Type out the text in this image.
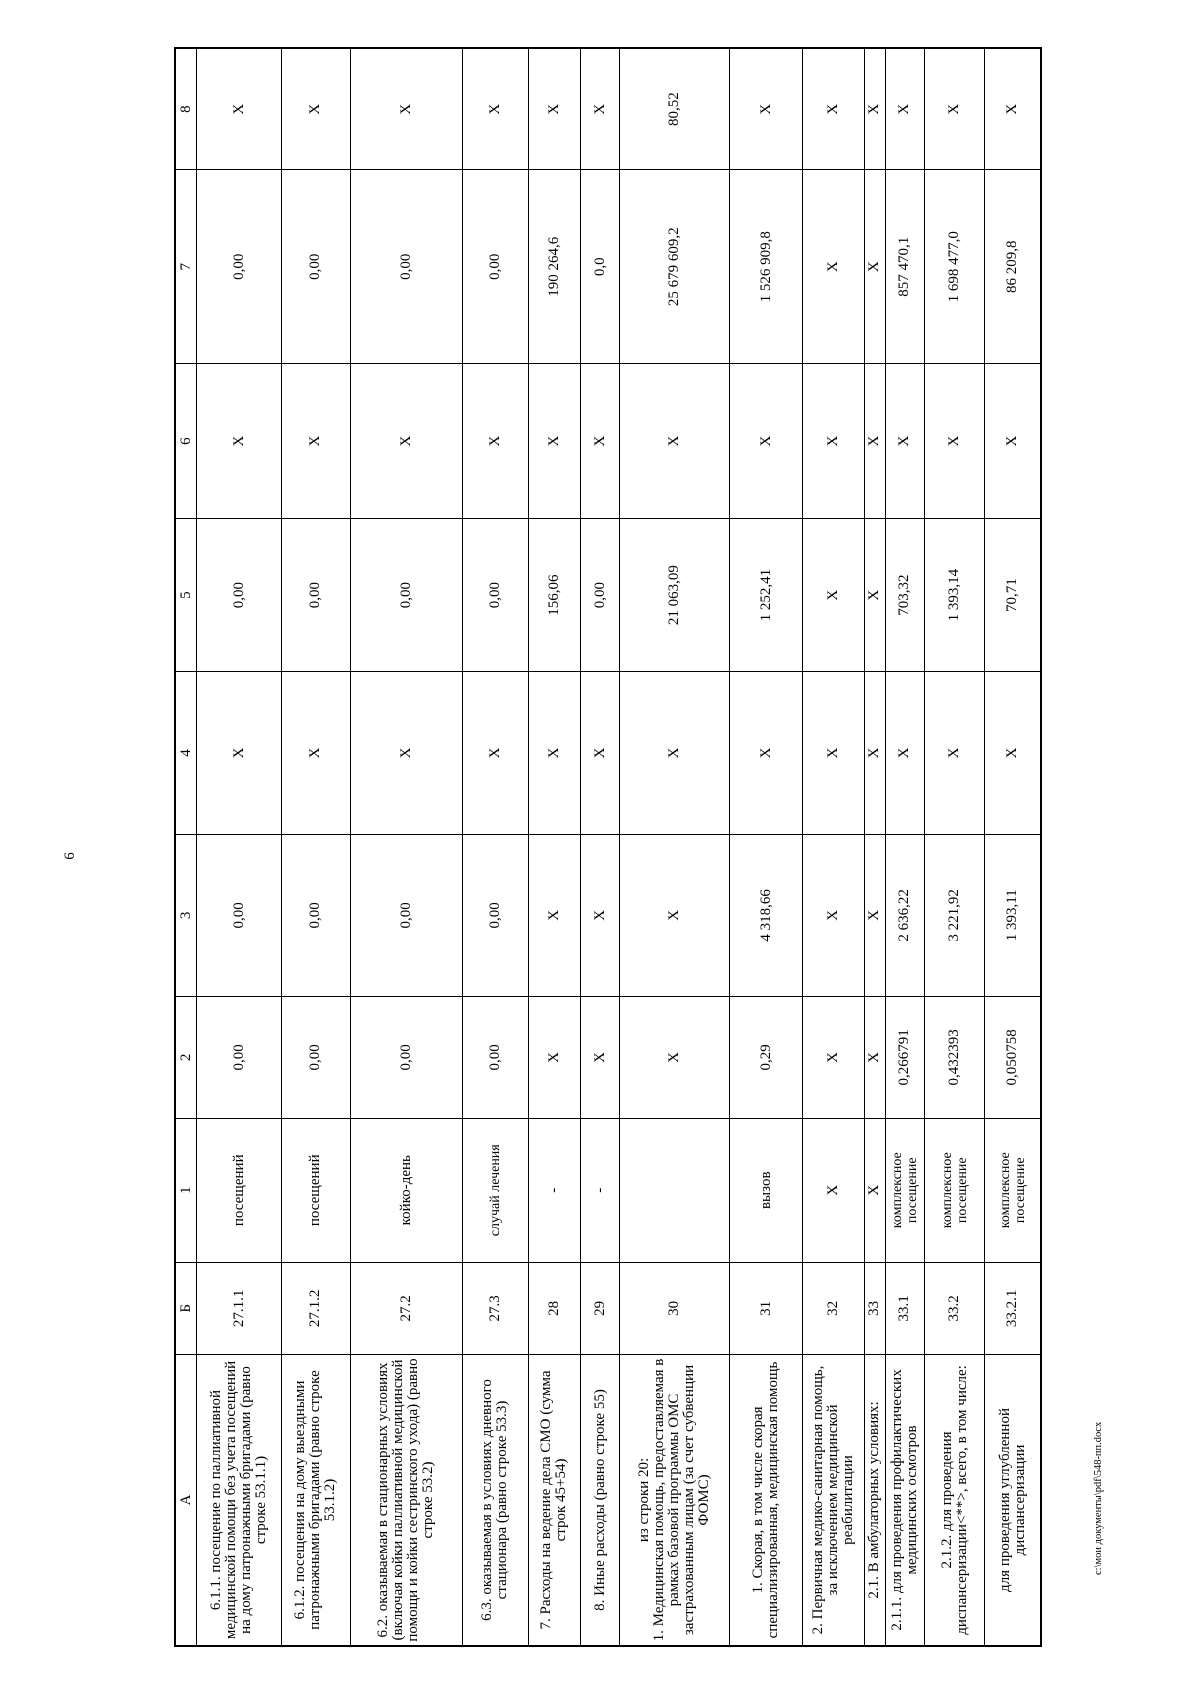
6
А	Б	1	2	3	4	5	6	7	8
6.1.1. посещение по паллиативной медицинской помощи без учета посещений на дому патронажными бригадами (равно строке 53.1.1)	27.1.1	посещений	0,00	0,00	Х	0,00	Х	0,00	Х
6.1.2. посещения на дому выездными патронажными бригадами (равно строке 53.1.2)	27.1.2	посещений	0,00	0,00	Х	0,00	Х	0,00	Х
6.2. оказываемая в стационарных условиях (включая койки паллиативной медицинской помощи и койки сестринского ухода) (равно строке 53.2)	27.2	койко-день	0,00	0,00	Х	0,00	Х	0,00	Х
6.3. оказываемая в условиях дневного стационара (равно строке 53.3)	27.3	случай лечения	0,00	0,00	Х	0,00	Х	0,00	Х
7. Расходы на ведение дела СМО (сумма строк 45+54)	28	-	Х	Х	Х	156,06	Х	190 264,6	Х
8. Иные расходы (равно строке 55)	29	-	Х	Х	Х	0,00	Х	0,0	Х
из строки 20:
1. Медицинская помощь, предоставляемая в рамках базовой программы ОМС застрахованным лицам (за счет субвенции ФОМС)	30		Х	Х	Х	21 063,09	Х	25 679 609,2	80,52
1. Скорая, в том числе скорая специализированная, медицинская помощь	31	вызов	0,29	4 318,66	Х	1 252,41	Х	1 526 909,8	Х
2. Первичная медико-санитарная помощь, за исключением медицинской реабилитации	32	Х	Х	Х	Х	Х	Х	Х	Х
2.1. В амбулаторных условиях:	33	Х	Х	Х	Х	Х	Х	Х	Х
2.1.1. для проведения профилактических медицинских осмотров	33.1	комплексное посещение	0,266791	2 636,22	Х	703,32	Х	857 470,1	Х
2.1.2. для проведения диспансеризации<**>, всего, в том числе:	33.2	комплексное посещение	0,432393	3 221,92	Х	1 393,14	Х	1 698 477,0	Х
для проведения углубленной диспансеризации	33.2.1	комплексное посещение	0,050758	1 393,11	Х	70,71	Х	86 209,8	Х
c:\мои документы\pdf\548-пп.docx
